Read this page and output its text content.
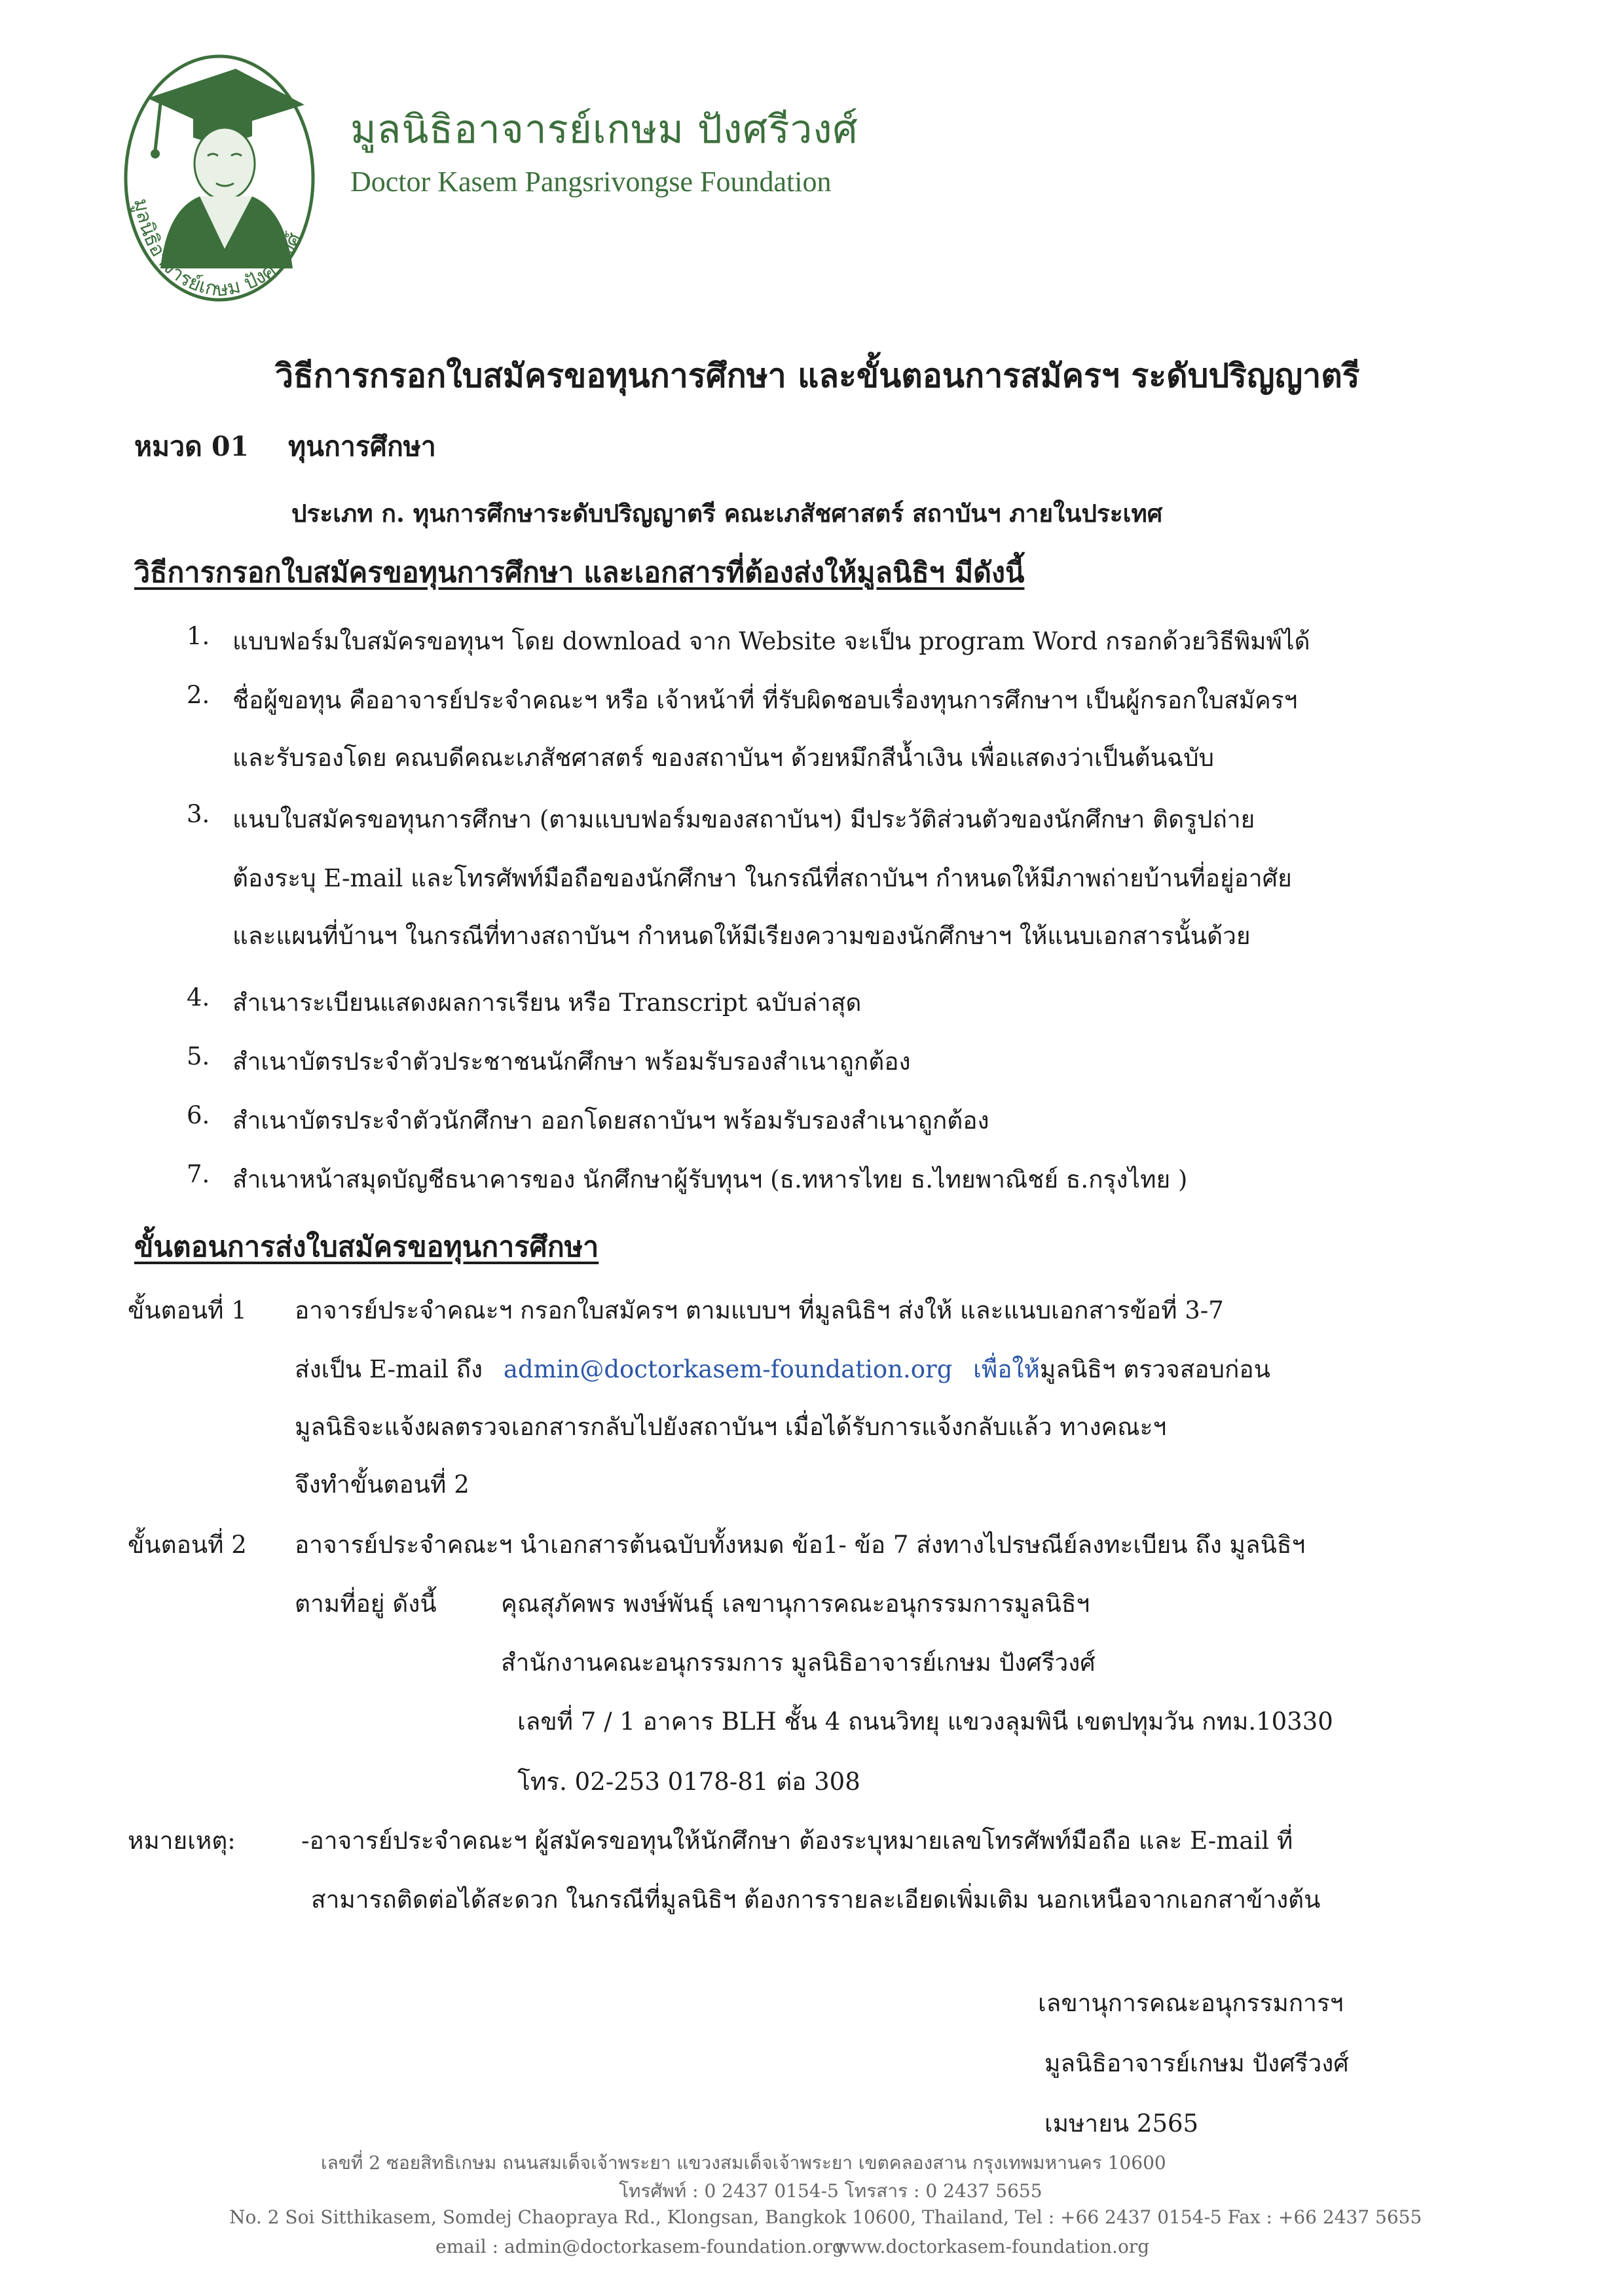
มูลนิธิอาจารย์เกษม ปังศรีวงศ์
มูลนิธิอาจารย์เกษม ปังศรีวงศ์
Doctor Kasem Pangsrivongse Foundation
วิธีการกรอกใบสมัครขอทุนการศึกษา และขั้นตอนการสมัครฯ ระดับปริญญาตรี
หมวด 01 ทุนการศึกษา
ประเภท ก. ทุนการศึกษาระดับปริญญาตรี คณะเภสัชศาสตร์ สถาบันฯ ภายในประเทศ
วิธีการกรอกใบสมัครขอทุนการศึกษา และเอกสารที่ต้องส่งให้มูลนิธิฯ มีดังนี้
1. แบบฟอร์มใบสมัครขอทุนฯ โดย download จาก Website จะเป็น program Word กรอกด้วยวิธีพิมพ์ได้
2. ชื่อผู้ขอทุน คืออาจารย์ประจำคณะฯ หรือ เจ้าหน้าที่ ที่รับผิดชอบเรื่องทุนการศึกษาฯ เป็นผู้กรอกใบสมัครฯ
และรับรองโดย คณบดีคณะเภสัชศาสตร์ ของสถาบันฯ ด้วยหมึกสีน้ำเงิน เพื่อแสดงว่าเป็นต้นฉบับ
3. แนบใบสมัครขอทุนการศึกษา (ตามแบบฟอร์มของสถาบันฯ) มีประวัติส่วนตัวของนักศึกษา ติดรูปถ่าย
ต้องระบุ E-mail และโทรศัพท์มือถือของนักศึกษา ในกรณีที่สถาบันฯ กำหนดให้มีภาพถ่ายบ้านที่อยู่อาศัย
และแผนที่บ้านฯ ในกรณีที่ทางสถาบันฯ กำหนดให้มีเรียงความของนักศึกษาฯ ให้แนบเอกสารนั้นด้วย
4. สำเนาระเบียนแสดงผลการเรียน หรือ Transcript ฉบับล่าสุด
5. สำเนาบัตรประจำตัวประชาชนนักศึกษา พร้อมรับรองสำเนาถูกต้อง
6. สำเนาบัตรประจำตัวนักศึกษา ออกโดยสถาบันฯ พร้อมรับรองสำเนาถูกต้อง
7. สำเนาหน้าสมุดบัญชีธนาคารของ นักศึกษาผู้รับทุนฯ (ธ.ทหารไทย ธ.ไทยพาณิชย์ ธ.กรุงไทย )
ขั้นตอนการส่งใบสมัครขอทุนการศึกษา
ขั้นตอนที่ 1 อาจารย์ประจำคณะฯ กรอกใบสมัครฯ ตามแบบฯ ที่มูลนิธิฯ ส่งให้ และแนบเอกสารข้อที่ 3-7
ส่งเป็น E-mail ถึง admin@doctorkasem-foundation.org เพื่อให้มูลนิธิฯ ตรวจสอบก่อน
มูลนิธิจะแจ้งผลตรวจเอกสารกลับไปยังสถาบันฯ เมื่อได้รับการแจ้งกลับแล้ว ทางคณะฯ
จึงทำขั้นตอนที่ 2
ขั้นตอนที่ 2 อาจารย์ประจำคณะฯ นำเอกสารต้นฉบับทั้งหมด ข้อ1- ข้อ 7 ส่งทางไปรษณีย์ลงทะเบียน ถึง มูลนิธิฯ
ตามที่อยู่ ดังนี้	คุณสุภัคพร พงษ์พันธุ์ เลขานุการคณะอนุกรรมการมูลนิธิฯ
สำนักงานคณะอนุกรรมการ มูลนิธิอาจารย์เกษม ปังศรีวงศ์
เลขที่ 7 / 1 อาคาร BLH ชั้น 4 ถนนวิทยุ แขวงลุมพินี เขตปทุมวัน กทม.10330
โทร. 02-253 0178-81 ต่อ 308
หมายเหตุ:	-อาจารย์ประจำคณะฯ ผู้สมัครขอทุนให้นักศึกษา ต้องระบุหมายเลขโทรศัพท์มือถือ และ E-mail ที่
สามารถติดต่อได้สะดวก ในกรณีที่มูลนิธิฯ ต้องการรายละเอียดเพิ่มเติม นอกเหนือจากเอกสาข้างต้น
เลขานุการคณะอนุกรรมการฯ
มูลนิธิอาจารย์เกษม ปังศรีวงศ์
เมษายน 2565
เลขที่ 2 ซอยสิทธิเกษม ถนนสมเด็จเจ้าพระยา แขวงสมเด็จเจ้าพระยา เขตคลองสาน กรุงเทพมหานคร 10600
โทรศัพท์ : 0 2437 0154-5 โทรสาร : 0 2437 5655
No. 2 Soi Sitthikasem, Somdej Chaopraya Rd., Klongsan, Bangkok 10600, Thailand, Tel : +66 2437 0154-5 Fax : +66 2437 5655
email : admin@doctorkasem-foundation.org
www.doctorkasem-foundation.org
